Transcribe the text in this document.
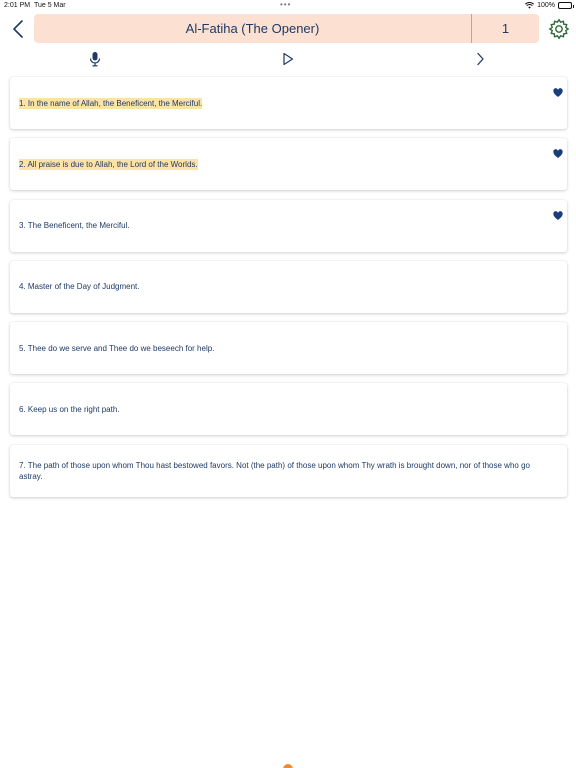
2:01 PM Tue 5 Mar	•••	100%
Al-Fatiha (The Opener)	1
1. In the name of Allah, the Beneficent, the Merciful.
2. All praise is due to Allah, the Lord of the Worlds.
3. The Beneficent, the Merciful.
4. Master of the Day of Judgment.
5. Thee do we serve and Thee do we beseech for help.
6. Keep us on the right path.
7. The path of those upon whom Thou hast bestowed favors. Not (the path) of those upon whom Thy wrath is brought down, nor of those who go astray.
